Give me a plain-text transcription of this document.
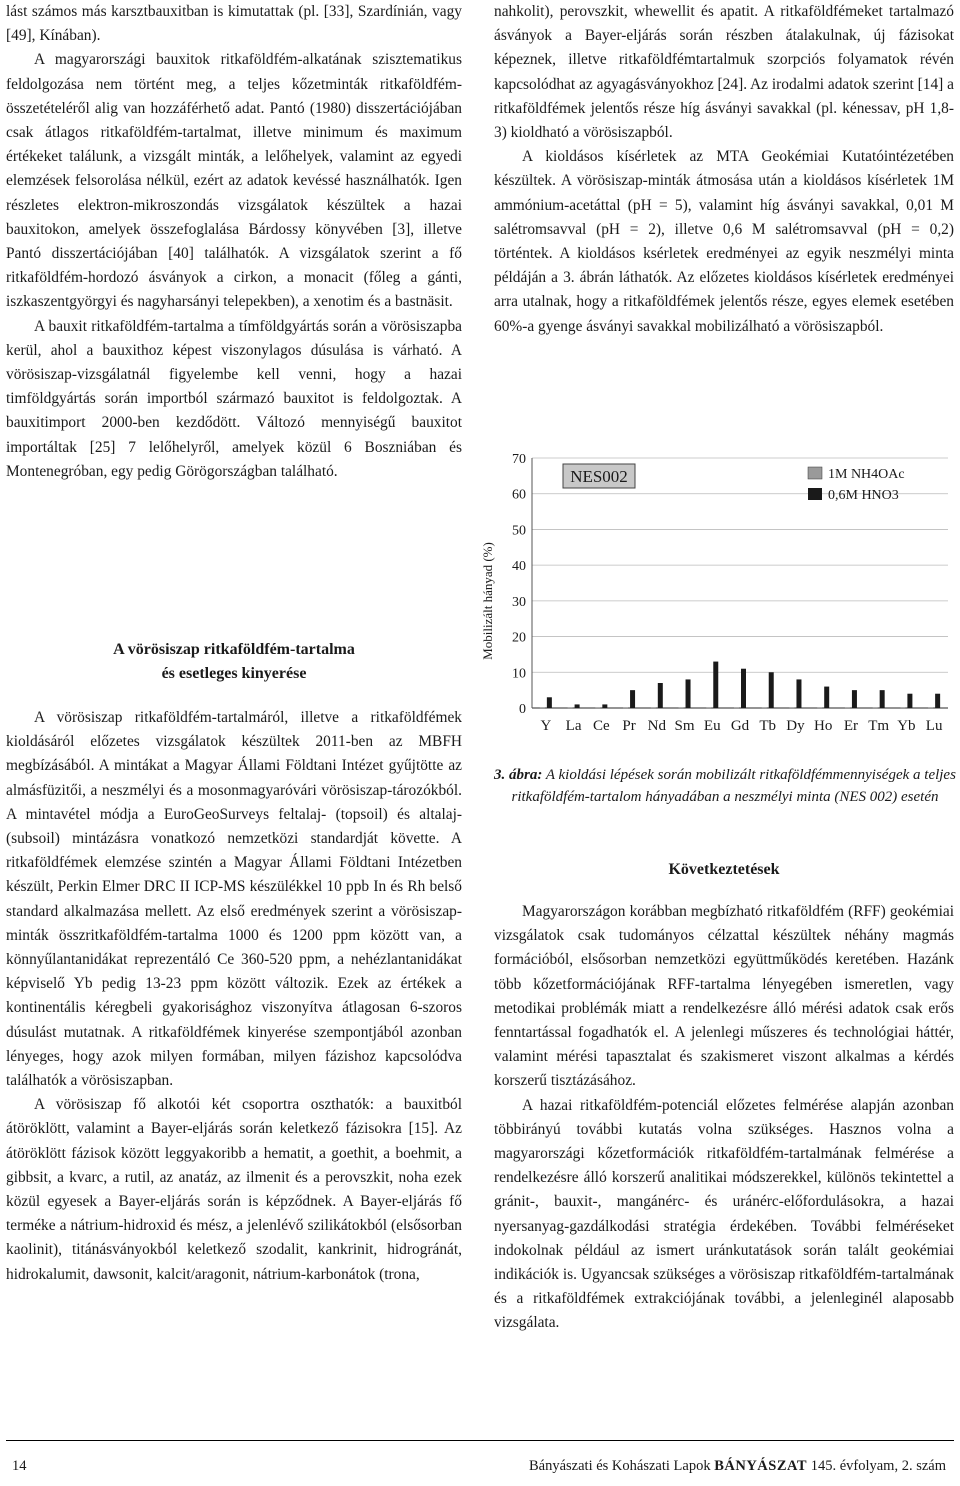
lást számos más karsztbauxitban is kimutattak (pl. [33], Szardínián, vagy [49], Kínában).

A magyarországi bauxitok ritkaföldfém-alkatának szisztematikus feldolgozása nem történt meg, a teljes kőzetminták ritkaföldfém-összetételéről alig van hozzáférhető adat. Pantó (1980) disszertációjában csak átlagos ritkaföldfém-tartalmat, illetve minimum és maximum értékeket találunk, a vizsgált minták, a lelőhelyek, valamint az egyedi elemzések felsorolása nélkül, ezért az adatok kevéssé használhatók. Igen részletes elektron-mikroszondás vizsgálatok készültek a hazai bauxitokon, amelyek összefoglalása Bárdossy könyvében [3], illetve Pantó disszertációjában [40] találhatók. A vizsgálatok szerint a fő ritkaföldfém-hordozó ásványok a cirkon, a monacit (főleg a gánti, iszkaszentgyörgyi és nagyharsányi telepekben), a xenotim és a bastnäsit.

A bauxit ritkaföldfém-tartalma a tímföldgyártás során a vörösiszapba kerül, ahol a bauxithoz képest viszonylagos dúsulása is várható. A vörösiszap-vizsgálatnál figyelembe kell venni, hogy a hazai timföldgyártás során importból származó bauxitot is feldolgoztak. A bauxitimport 2000-ben kezdődött. Változó mennyiségű bauxitot importáltak [25] 7 lelőhelyről, amelyek közül 6 Boszniában és Montenegróban, egy pedig Görögországban található.

A vörösiszap ritkaföldfém-tartalma
és esetleges kinyerése

A vörösiszap ritkaföldfém-tartalmáról, illetve a ritkaföldfémek kioldásáról előzetes vizsgálatok készültek 2011-ben az MBFH megbízásából. A mintákat a Magyar Állami Földtani Intézet gyűjtötte az almásfüzitői, a neszmélyi és a mosonmagyaróvári vörösiszap-tározókból. A mintavétel módja a EuroGeoSurveys feltalaj- (topsoil) és altalaj- (subsoil) mintázásra vonatkozó nemzetközi standardját követte. A ritkaföldfémek elemzése szintén a Magyar Állami Földtani Intézetben készült, Perkin Elmer DRC II ICP-MS készülékkel 10 ppb In és Rh belső standard alkalmazása mellett. Az első eredmények szerint a vörösiszap-minták összritkaföldfém-tartalma 1000 és 1200 ppm között van, a könnyűlantanidákat reprezentáló Ce 360-520 ppm, a nehézlantanidákat képviselő Yb pedig 13-23 ppm között változik. Ezek az értékek a kontinentális kéregbeli gyakorisághoz viszonyítva átlagosan 6-szoros dúsulást mutatnak. A ritkaföldfémek kinyerése szempontjából azonban lényeges, hogy azok milyen formában, milyen fázishoz kapcsolódva találhatók a vörösiszapban.

A vörösiszap fő alkotói két csoportra oszthatók: a bauxitból átöröklött, valamint a Bayer-eljárás során keletkező fázisokra [15]. Az átöröklött fázisok között leggyakoribb a hematit, a goethit, a boehmit, a gibbsit, a kvarc, a rutil, az anatáz, az ilmenit és a perovszkit, noha ezek közül egyesek a Bayer-eljárás során is képződnek. A Bayer-eljárás fő terméke a nátrium-hidroxid és mész, a jelenlévő szilikátokból (elsősorban kaolinit), titánásványokból keletkező szodalit, kankrinit, hidrogránát, hidrokalumit, dawsonit, kalcit/aragonit, nátrium-karbonátok (trona,

nahkolit), perovszkit, whewellit és apatit. A ritkaföldfémeket tartalmazó ásványok a Bayer-eljárás során részben átalakulnak, új fázisokat képeznek, illetve ritkaföldfémtartalmuk szorpciós folyamatok révén kapcsolódhat az agyagásványokhoz [24]. Az irodalmi adatok szerint [14] a ritkaföldfémek jelentős része híg ásványi savakkal (pl. kénessav, pH 1,8-3) kioldható a vörösiszapból.

A kioldásos kísérletek az MTA Geokémiai Kutatóintézetében készültek. A vörösiszap-minták átmosása után a kioldásos kísérletek 1M ammónium-acetáttal (pH = 5), valamint híg ásványi savakkal, 0,01 M salétromsavval (pH = 2), illetve 0,6 M salétromsavval (pH = 0,2) történtek. A kioldásos ksérletek eredményei az egyik neszmélyi minta példáján a 3. ábrán láthatók. Az előzetes kioldásos kísérletek eredményei arra utalnak, hogy a ritkaföldfémek jelentős része, egyes elemek esetében 60%-a gyenge ásványi savakkal mobilizálható a vörösiszapból.

0
10
20
30
40
50
60
70
Y La Ce Pr Nd Sm Eu Gd Tb Dy Ho Er Tm Yb Lu
NES002	1M NH4OAc
0,6M HNO3
Mobilizált hányad (%)
3. ábra: A kioldási lépések során mobilizált ritkaföldfémmennyiségek a teljes ritkaföldfém-tartalom hányadában a neszmélyi minta (NES 002) esetén
Következtetések

Magyarországon korábban megbízható ritkaföldfém (RFF) geokémiai vizsgálatok csak tudományos célzattal készültek néhány magmás formációból, elsősorban nemzetközi együttműködés keretében. Hazánk több kőzetformációjának RFF-tartalma lényegében ismeretlen, vagy metodikai problémák miatt a rendelkezésre álló mérési adatok csak erős fenntartással fogadhatók el. A jelenlegi műszeres és technológiai háttér, valamint mérési tapasztalat és szakismeret viszont alkalmas a kérdés korszerű tisztázásához.

A hazai ritkaföldfém-potenciál előzetes felmérése alapján azonban többirányú további kutatás volna szükséges. Hasznos volna a magyarországi kőzetformációk ritkaföldfém-tartalmának felmérése a rendelkezésre álló korszerű analitikai módszerekkel, különös tekintettel a gránit-, bauxit-, mangánérc- és uránérc-előfordulásokra, a hazai nyersanyag-gazdálkodási stratégia érdekében. További felméréseket indokolnak például az ismert uránkutatások során talált geokémiai indikációk is. Ugyancsak szükséges a vörösiszap ritkaföldfém-tartalmának és a ritkaföldfémek extrakciójának további, a jelenleginél alaposabb vizsgálata.

14	Bányászati és Kohászati Lapok BÁNYÁSZAT 145. évfolyam, 2. szám
